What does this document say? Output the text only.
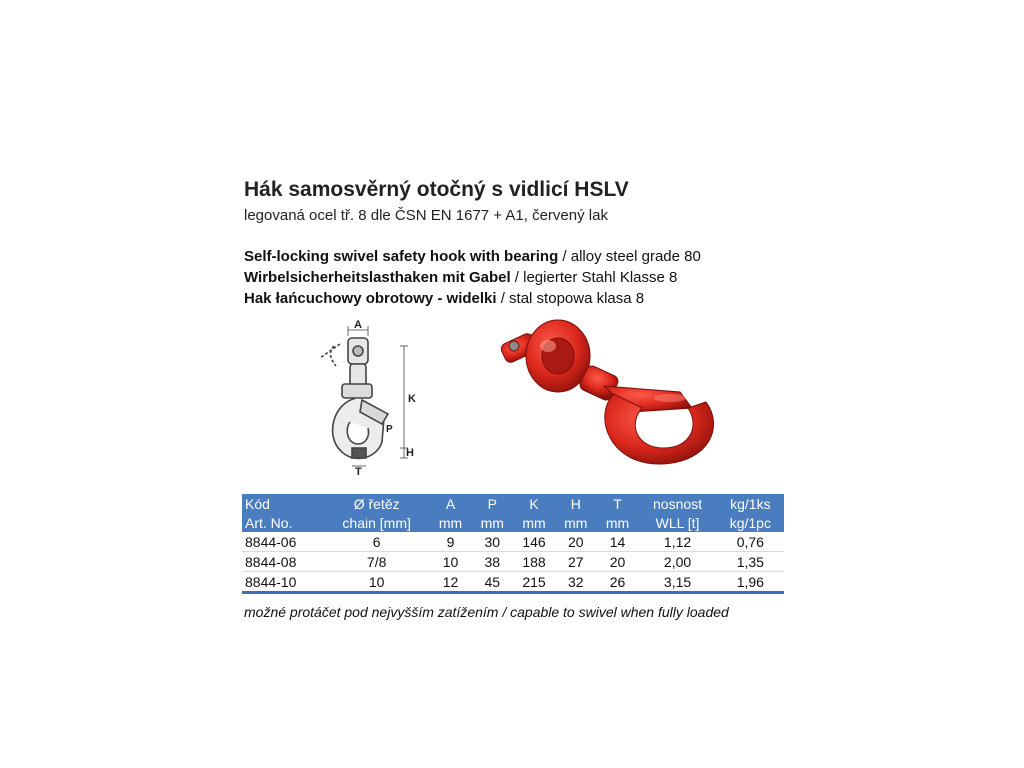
Hák samosvěrný otočný s vidlicí HSLV
legovaná ocel tř. 8 dle ČSN EN 1677 + A1, červený lak
Self-locking swivel safety hook with bearing / alloy steel grade 80
Wirbelsicherheitslasthaken mit Gabel / legierter Stahl Klasse 8
Hak łańcuchowy obrotowy - widelki / stal stopowa klasa 8
A
K
P
H
T
Kód	Ø řetěz	A	P	K	H	T	nosnost	kg/1ks
Art. No.	chain [mm]	mm	mm	mm	mm	mm	WLL [t]	kg/1pc
8844-06	6	9	30	146	20	14	1,12	0,76
8844-08	7/8	10	38	188	27	20	2,00	1,35
8844-10	10	12	45	215	32	26	3,15	1,96
možné protáčet pod nejvyšším zatížením / capable to swivel when fully loaded
